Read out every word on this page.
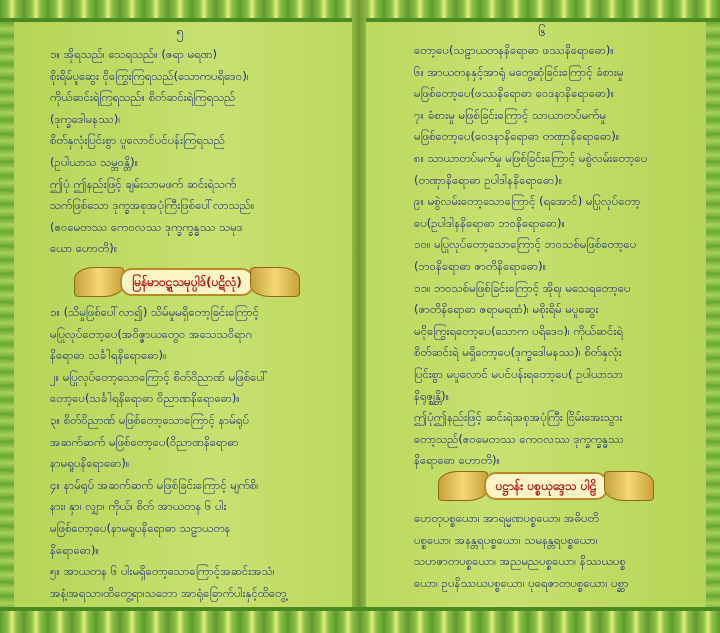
၅
၁။ အိုရသည်၊ သေရသည်။ (ဇရာ မရဏ)
စိုးရိမ်ပူဆွေး ငိုကြွေးကြရသည်(သောကပရိဒေဝ)၊
ကိုယ်ဆင်းရဲကြရသည်။ စိတ်ဆင်းရဲကြရသည်
(ဒုက္ခဒေါမနဿ)၊
စိတ်နှလုံးပြင်းစွာ ပူလောင်ပင်ပန်းကြရသည်
(ဥပါယာသ သမ္ဘဝန္တိ)။
ဤပုံ ဤနည်းဖြင့် ချမ်းသာမဖက် ဆင်းရဲသက်
သက်ဖြစ်သော ဒုက္ခအစုအပုံကြီးဖြစ်ပေါ်လာသည်။
(ဧဝမေတဿ ကေဝလဿ ဒုက္ခက္ခန္ဓဿ သမုဒ
ယော ဟောတိ)။
မြန်မာ၀ဋ္ဋသမုပ္ပါဒ်(ပဋိလုံ)
၁။ (သိမှုဖြစ်ပေါ်လာ၍) သိမ်မှုမရှိတော့ခြင်းကြောင့်
မပြုလုပ်တော့ပေ(အဝိဇ္ဇာယတွေဝ အသေသဝိရာဂ
နိရောဓာ သင်္ခါရနိရောဓော)။
၂။ မပြုလုပ်တော့သောကြောင့် စိတ်ဝိညာဏ် မဖြစ်ပေါ်
တော့ပေ(သင်္ခါရနိရောဓာ ဝိညာဏနိရောဓော)။
၃။ စိတ်ဝိညာဏ် မဖြစ်တော့သောကြောင့် နာမ်ရုပ်
အဆက်ဆက် မဖြစ်တော့ပေ(ဝိညာဏနိရောဓာ
နာမရူပနိရောဓော)။
၄။ နာမ်ရုပ် အဆက်ဆက် မဖြစ်ခြင်းကြောင့် မျက်စိ၊
နား၊ နှာ၊ လျှာ၊ ကိုယ်၊ စိတ် အာယတန ၆ ပါး
မဖြစ်တော့ပေ(နာမရူပနိရောဓာ သဠာယတန
နိရောဓော)။
၅။ အာယတန ၆ ပါးမရှိတော့သောကြောင့်အဆင်းအသံ၊
အနံ့၊အရသာ၊ထိတွေ့ရာ၊သဘော အာရုံခြောက်ပါးနှင့်ထိတွေ့
၆
တော့ပေ(သဠာယတနနိရောဓာ ဖဿနိရောဓော)။
၆။ အာယတနနှင့်အာရုံ မတွေ့ဆုံခြင်းကြောင့် ခံစားမှု
မဖြစ်တော့ပေ(ဖဿနိရောဓာ ဝေဒနာနိရောဓော)။
၇။ ခံစားမှု မဖြစ်ခြင်းကြောင့် သာယာတပ်မက်မှု
မဖြစ်တော့ပေ(ဝေဒနာနိရောဓာ တဏှာနိရောဓော)။
၈။ သာယာတပ်မက်မှု မဖြစ်ခြင်းကြောင့် မစွဲလမ်းတော့ပေ
(တဏှာနိရောဓာ ဥပါဒါနနိရောဓော)။
၉။ မစွဲလမ်းတော့သောကြောင့် (ရအောင်) မပြုလုပ်တော့
ပေ(ဥပါဒါနနိရောဓာ ဘဝနိရောဓော)။
၁၀။ မပြုလုပ်တော့သောကြောင့် ဘဝသစ်မဖြစ်တော့ပေ
(ဘဝနိရောဓာ ဇာတိနိရောဓော)။
၁၁။ ဘဝသစ်မဖြစ်ခြင်းကြောင့် အိုရ၊ မသေရတော့ပေ
(ဇာတိနိရောဓာ ဇရာမရဏံ)၊ မစိုးရိမ် မပူဆွေး
မငိုကြွေးရတော့ပေ(သောက ပရိဒေဝ)၊ ကိုယ်ဆင်းရဲ
စိတ်ဆင်းရဲ မရှိတော့ပေ(ဒုက္ခဒေါမနဿ)၊ စိတ်နှလုံး
ပြင်းစွာ မပူလောင် မပင်ပန်းရတော့ပေ( ဥပါယာသာ
နိရုဇ္ဈန္တိ)။
ဤပုံဤနည်းဖြင့် ဆင်းရဲအစုအပုံကြီး ငြိမ်းအေးသွား
တော့သည်(ဧဝမေတဿ ကေဝလဿ ဒုက္ခက္ခန္ဓဿ
နိရောဓော ဟောတိ)။
ပဋ္ဌာန်း ပစ္စယုဒ္ဒေသ ပါဠိ
ဟေတုပစ္စယော၊ အာရမ္မဏပစ္စယော၊ အဓိပတိ
ပစ္စယော၊ အနန္တရပစ္စယော၊ သမနန္တရပစ္စယော၊
သဟဇာတပစ္စယော၊ အညမညပစ္စယော၊ နိဿယပစ္စ
ယော၊ ဥပနိဿယပစ္စယော၊ ပုရေဇာတပစ္စယော၊ ပစ္ဆာ
